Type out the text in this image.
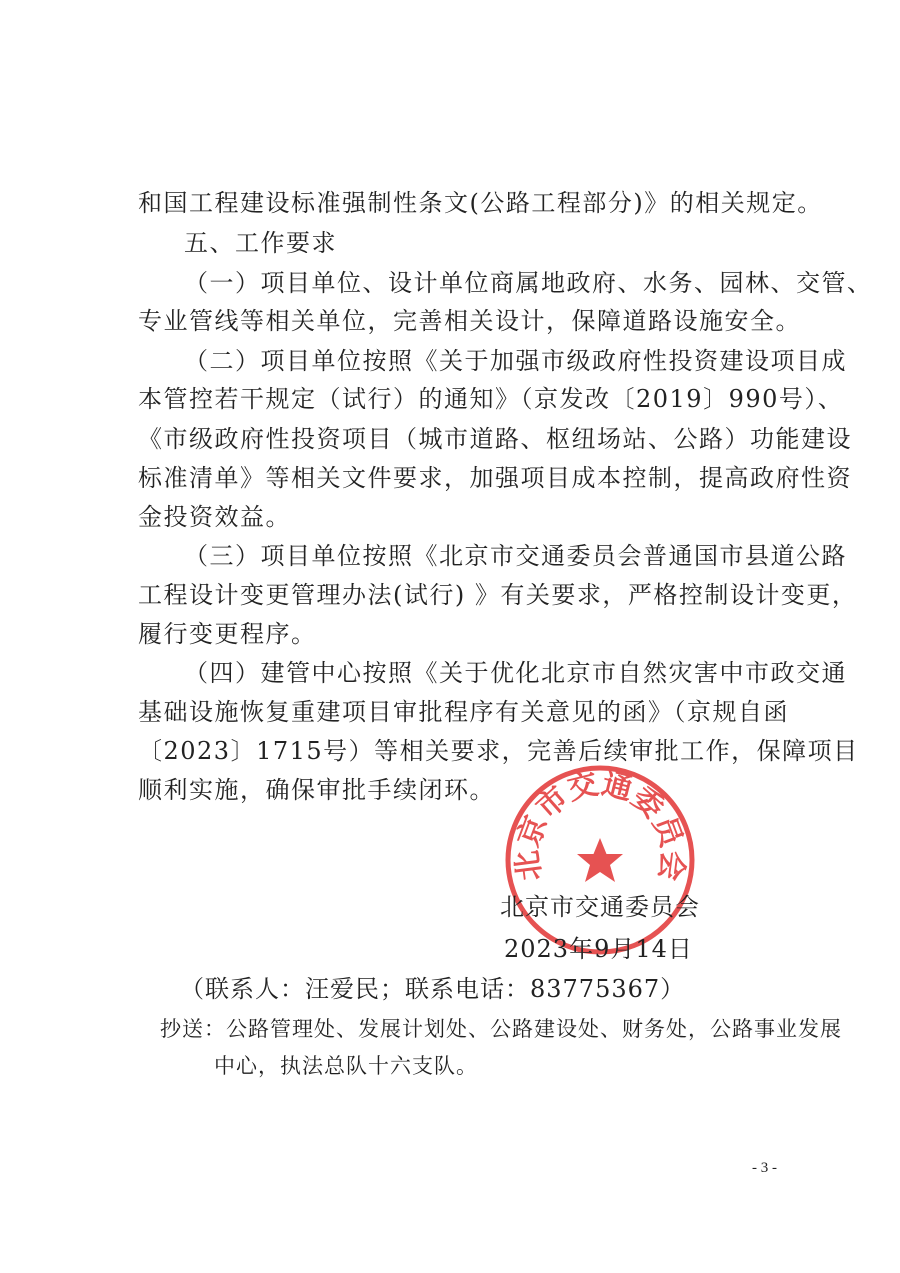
和国工程建设标准强制性条文(公路工程部分)》的相关规定。
五、工作要求
（一）项目单位、设计单位商属地政府、水务、园林、交管、
专业管线等相关单位，完善相关设计，保障道路设施安全。
（二）项目单位按照《关于加强市级政府性投资建设项目成
本管控若干规定（试行）的通知》（京发改〔2019〕990号）、
《市级政府性投资项目（城市道路、枢纽场站、公路）功能建设
标准清单》等相关文件要求，加强项目成本控制，提高政府性资
金投资效益。
（三）项目单位按照《北京市交通委员会普通国市县道公路
工程设计变更管理办法(试行) 》有关要求，严格控制设计变更，
履行变更程序。
（四）建管中心按照《关于优化北京市自然灾害中市政交通
基础设施恢复重建项目审批程序有关意见的函》（京规自函
〔2023〕1715号）等相关要求，完善后续审批工作，保障项目
顺利实施，确保审批手续闭环。
北京市交通委员会
北京市交通委员会
2023年9月14日
（联系人：汪爱民；联系电话：83775367）
抄送：公路管理处、发展计划处、公路建设处、财务处，公路事业发展
中心，执法总队十六支队。
- 3 -
